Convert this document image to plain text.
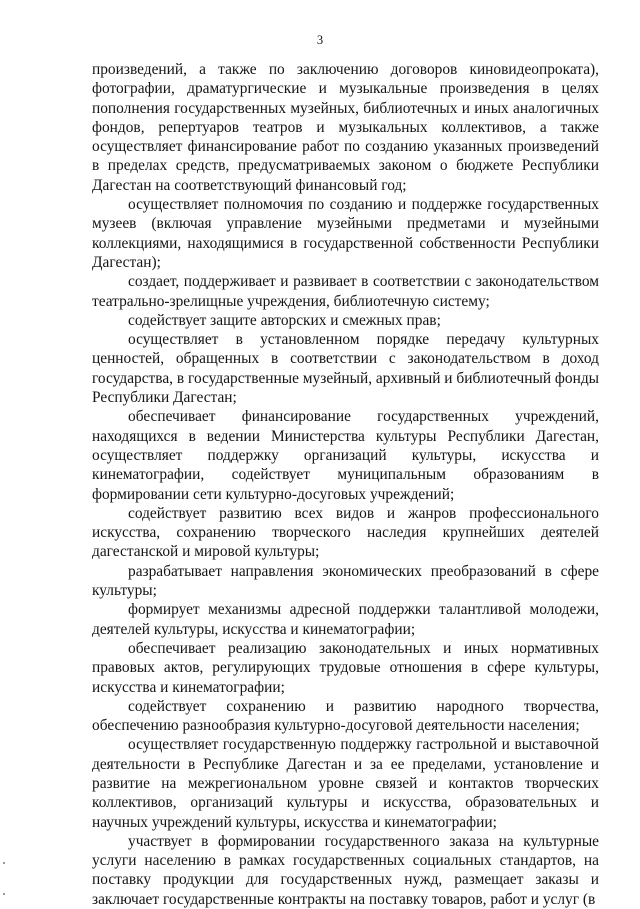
3

произведений, а также по заключению договоров киновидеопроката), фотографии, драматургические и музыкальные произведения в целях пополнения государственных музейных, библиотечных и иных аналогичных фондов, репертуаров театров и музыкальных коллективов, а также осуществляет финансирование работ по созданию указанных произведений в пределах средств, предусматриваемых законом о бюджете Республики Дагестан на соответствующий финансовый год;

осуществляет полномочия по созданию и поддержке государственных музеев (включая управление музейными предметами и музейными коллекциями, находящимися в государственной собственности Республики Дагестан);

создает, поддерживает и развивает в соответствии с законодательством театрально-зрелищные учреждения, библиотечную систему;

содействует защите авторских и смежных прав;

осуществляет в установленном порядке передачу культурных ценностей, обращенных в соответствии с законодательством в доход государства, в государственные музейный, архивный и библиотечный фонды Республики Дагестан;

обеспечивает финансирование государственных учреждений, находящихся в ведении Министерства культуры Республики Дагестан, осуществляет поддержку организаций культуры, искусства и кинематографии, содействует муниципальным образованиям в формировании сети культурно-досуговых учреждений;

содействует развитию всех видов и жанров профессионального искусства, сохранению творческого наследия крупнейших деятелей дагестанской и мировой культуры;

разрабатывает направления экономических преобразований в сфере культуры;

формирует механизмы адресной поддержки талантливой молодежи, деятелей культуры, искусства и кинематографии;

обеспечивает реализацию законодательных и иных нормативных правовых актов, регулирующих трудовые отношения в сфере культуры, искусства и кинематографии;

содействует сохранению и развитию народного творчества, обеспечению разнообразия культурно-досуговой деятельности населения;

осуществляет государственную поддержку гастрольной и выставочной деятельности в Республике Дагестан и за ее пределами, установление и развитие на межрегиональном уровне связей и контактов творческих коллективов, организаций культуры и искусства, образовательных и научных учреждений культуры, искусства и кинематографии;

участвует в формировании государственного заказа на культурные услуги населению в рамках государственных социальных стандартов, на поставку продукции для государственных нужд, размещает заказы и заключает государственные контракты на поставку товаров, работ и услуг (в
